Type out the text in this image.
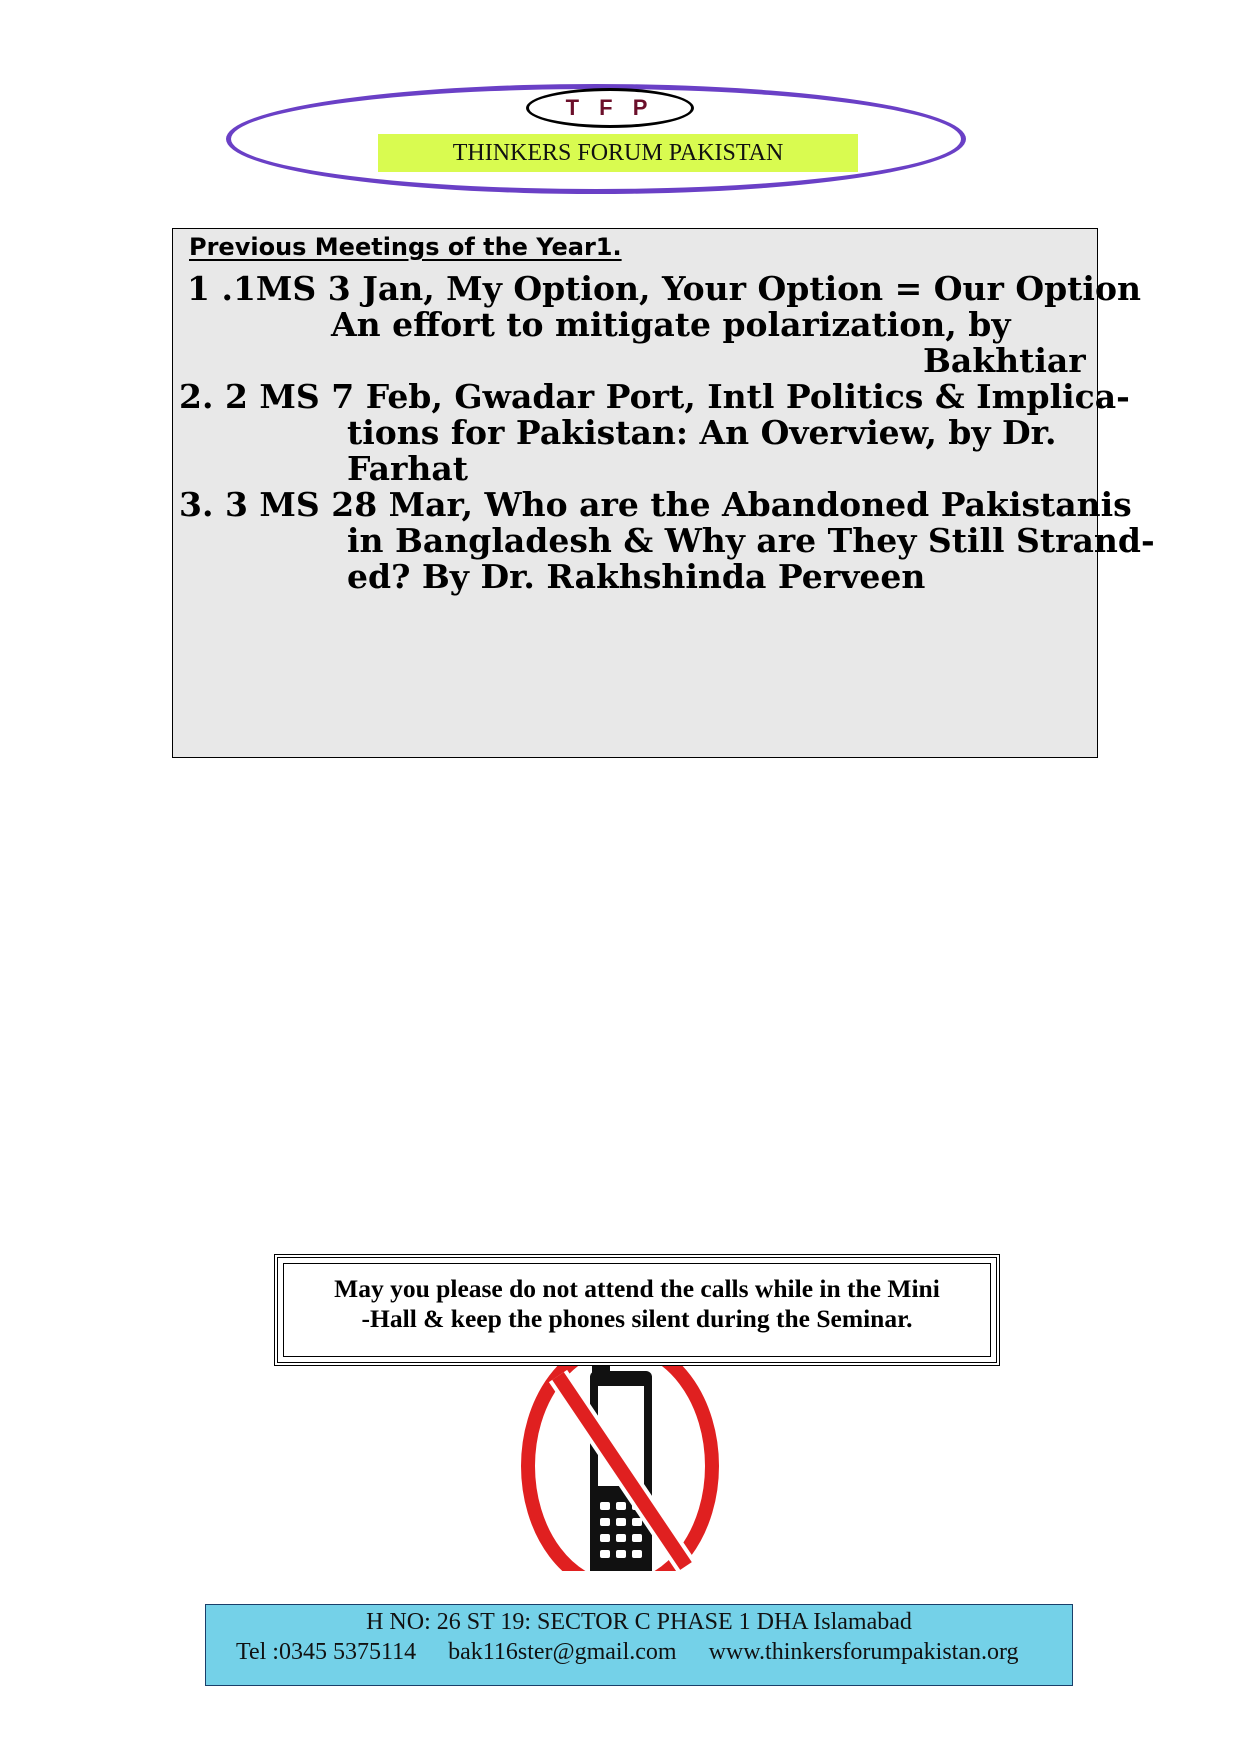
T F P
THINKERS FORUM PAKISTAN
Previous Meetings of the Year1.
1 .1MS 3 Jan, My Option, Your Option = Our Option
An effort to mitigate polarization, by
Bakhtiar
2. 2 MS 7 Feb, Gwadar Port, Intl Politics & Implica-
tions for Pakistan: An Overview, by Dr.
Farhat
3. 3 MS 28 Mar, Who are the Abandoned Pakistanis
in Bangladesh & Why are They Still Strand-
ed? By Dr. Rakhshinda Perveen
May you please do not attend the calls while in the Mini
-Hall & keep the phones silent during the Seminar.
H NO: 26 ST 19: SECTOR C PHASE 1 DHA Islamabad
Tel :0345 5375114 bak116ster@gmail.com www.thinkersforumpakistan.org
